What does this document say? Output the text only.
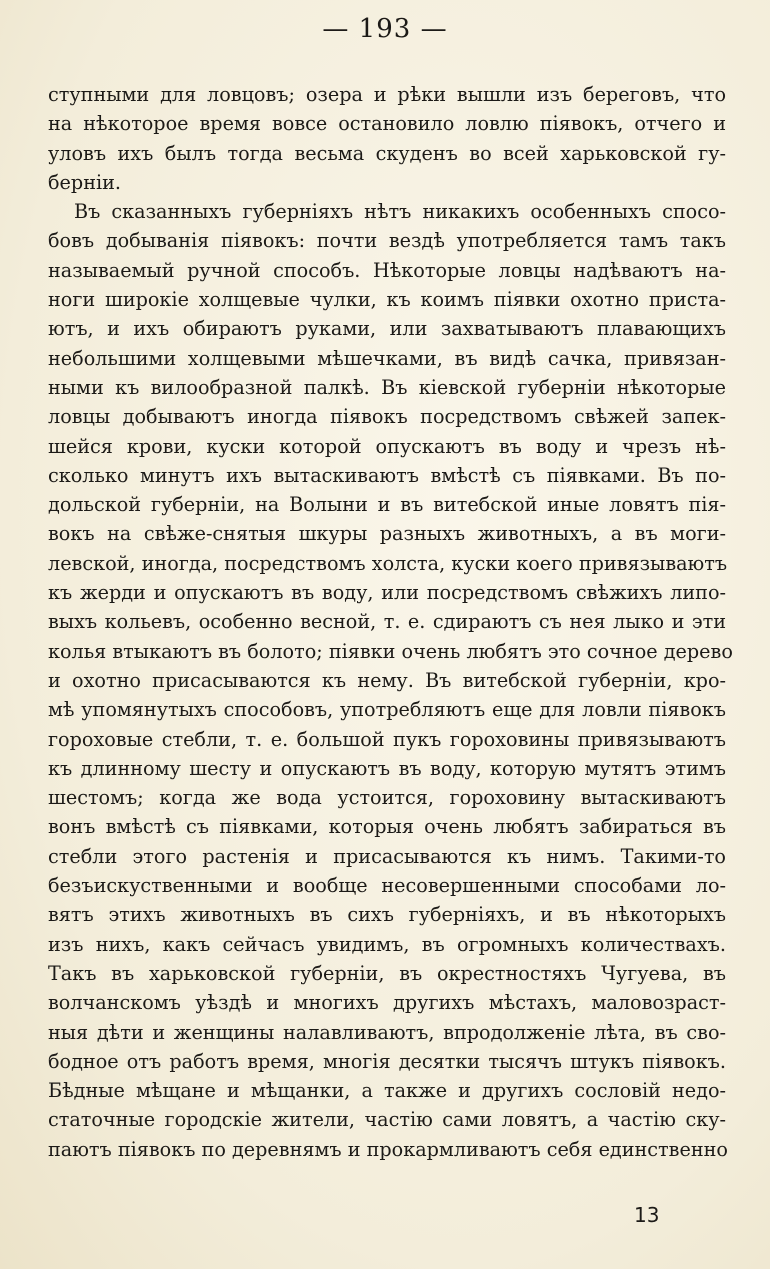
— 193 —
ступными для ловцовъ; озера и рѣки вышли изъ береговъ, что
на нѣкоторое время вовсе остановило ловлю піявокъ, отчего и
уловъ ихъ былъ тогда весьма скуденъ во всей харьковской гу-
берніи.
Въ сказанныхъ губерніяхъ нѣтъ никакихъ особенныхъ спосо-
бовъ добыванія піявокъ: почти вездѣ употребляется тамъ такъ
называемый ручной способъ. Нѣкоторые ловцы надѣваютъ на-
ноги широкіе холщевые чулки, къ коимъ піявки охотно приста-
ютъ, и ихъ обираютъ руками, или захватываютъ плавающихъ
небольшими холщевыми мѣшечками, въ видѣ сачка, привязан-
ными къ вилообразной палкѣ. Въ кіевской губерніи нѣкоторые
ловцы добываютъ иногда піявокъ посредствомъ свѣжей запек-
шейся крови, куски которой опускаютъ въ воду и чрезъ нѣ-
сколько минутъ ихъ вытаскиваютъ вмѣстѣ съ піявками. Въ по-
дольской губерніи, на Волыни и въ витебской иные ловятъ пія-
вокъ на свѣже-снятыя шкуры разныхъ животныхъ, а въ моги-
левской, иногда, посредствомъ холста, куски коего привязываютъ
къ жерди и опускаютъ въ воду, или посредствомъ свѣжихъ липо-
выхъ кольевъ, особенно весной, т. е. сдираютъ съ нея лыко и эти
колья втыкаютъ въ болото; піявки очень любятъ это сочное дерево
и охотно присасываются къ нему. Въ витебской губерніи, кро-
мѣ упомянутыхъ способовъ, употребляютъ еще для ловли піявокъ
гороховые стебли, т. е. большой пукъ гороховины привязываютъ
къ длинному шесту и опускаютъ въ воду, которую мутятъ этимъ
шестомъ; когда же вода устоится, гороховину вытаскиваютъ
вонъ вмѣстѣ съ піявками, которыя очень любятъ забираться въ
стебли этого растенія и присасываются къ нимъ. Такими-то
безъискуственными и вообще несовершенными способами ло-
вятъ этихъ животныхъ въ сихъ губерніяхъ, и въ нѣкоторыхъ
изъ нихъ, какъ сейчасъ увидимъ, въ огромныхъ количествахъ.
Такъ въ харьковской губерніи, въ окрестностяхъ Чугуева, въ
волчанскомъ уѣздѣ и многихъ другихъ мѣстахъ, маловозраст-
ныя дѣти и женщины налавливаютъ, впродолженіе лѣта, въ сво-
бодное отъ работъ время, многія десятки тысячъ штукъ піявокъ.
Бѣдные мѣщане и мѣщанки, а также и другихъ сословій недо-
статочные городскіе жители, частію сами ловятъ, а частію ску-
паютъ піявокъ по деревнямъ и прокармливаютъ себя единственно
13
